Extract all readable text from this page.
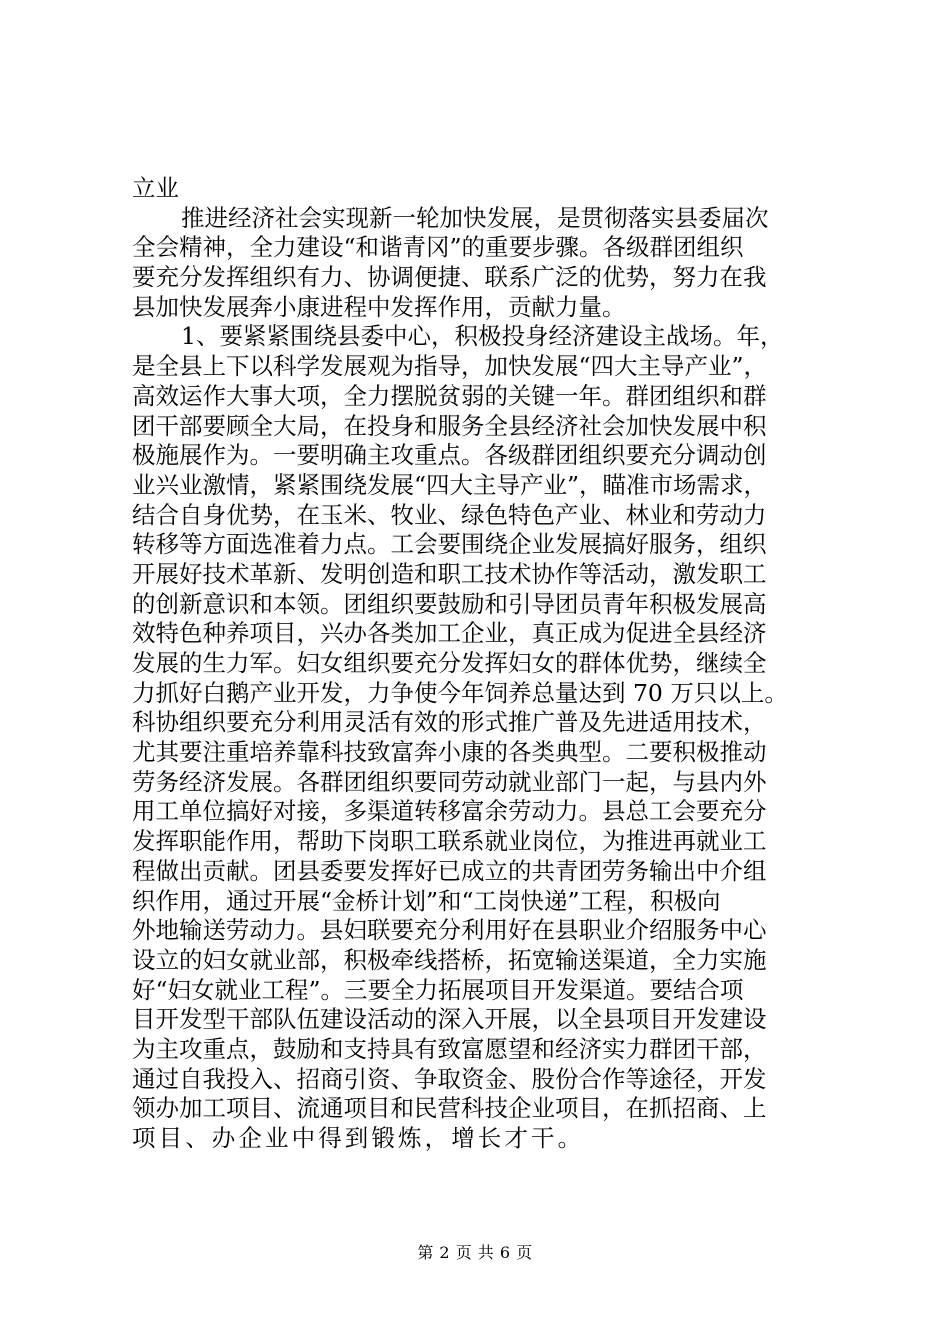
立业
推进经济社会实现新一轮加快发展，是贯彻落实县委届次
全会精神，全力建设“和谐青冈”的重要步骤。各级群团组织
要充分发挥组织有力、协调便捷、联系广泛的优势，努力在我
县加快发展奔小康进程中发挥作用，贡献力量。
1、要紧紧围绕县委中心，积极投身经济建设主战场。年，
是全县上下以科学发展观为指导，加快发展“四大主导产业”，
高效运作大事大项，全力摆脱贫弱的关键一年。群团组织和群
团干部要顾全大局，在投身和服务全县经济社会加快发展中积
极施展作为。一要明确主攻重点。各级群团组织要充分调动创
业兴业激情，紧紧围绕发展“四大主导产业”，瞄准市场需求，
结合自身优势，在玉米、牧业、绿色特色产业、林业和劳动力
转移等方面选准着力点。工会要围绕企业发展搞好服务，组织
开展好技术革新、发明创造和职工技术协作等活动，激发职工
的创新意识和本领。团组织要鼓励和引导团员青年积极发展高
效特色种养项目，兴办各类加工企业，真正成为促进全县经济
发展的生力军。妇女组织要充分发挥妇女的群体优势，继续全
力抓好白鹅产业开发，力争使今年饲养总量达到 70 万只以上。
科协组织要充分利用灵活有效的形式推广普及先进适用技术，
尤其要注重培养靠科技致富奔小康的各类典型。二要积极推动
劳务经济发展。各群团组织要同劳动就业部门一起，与县内外
用工单位搞好对接，多渠道转移富余劳动力。县总工会要充分
发挥职能作用，帮助下岗职工联系就业岗位，为推进再就业工
程做出贡献。团县委要发挥好已成立的共青团劳务输出中介组
织作用，通过开展“金桥计划”和“工岗快递”工程，积极向
外地输送劳动力。县妇联要充分利用好在县职业介绍服务中心
设立的妇女就业部，积极牵线搭桥，拓宽输送渠道，全力实施
好“妇女就业工程”。三要全力拓展项目开发渠道。要结合项
目开发型干部队伍建设活动的深入开展，以全县项目开发建设
为主攻重点，鼓励和支持具有致富愿望和经济实力群团干部，
通过自我投入、招商引资、争取资金、股份合作等途径，开发
领办加工项目、流通项目和民营科技企业项目，在抓招商、上
项目、办企业中得到锻炼，增长才干。
第 2 页 共 6 页
